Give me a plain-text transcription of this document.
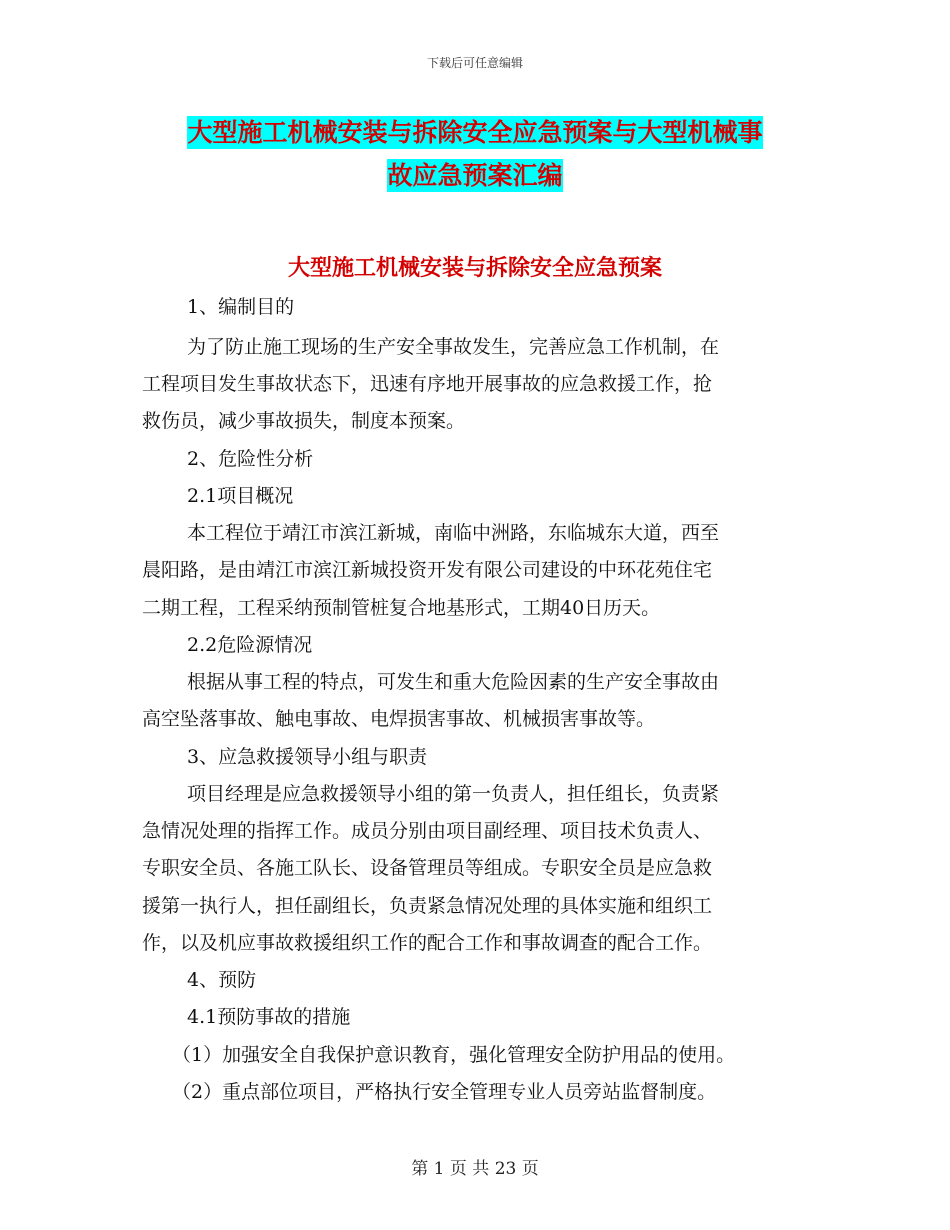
下载后可任意编辑
大型施工机械安装与拆除安全应急预案与大型机械事
故应急预案汇编
大型施工机械安装与拆除安全应急预案
1、编制目的
为了防止施工现场的生产安全事故发生，完善应急工作机制，在
工程项目发生事故状态下，迅速有序地开展事故的应急救援工作，抢
救伤员，减少事故损失，制度本预案。
2、危险性分析
2.1项目概况
本工程位于靖江市滨江新城，南临中洲路，东临城东大道，西至
晨阳路，是由靖江市滨江新城投资开发有限公司建设的中环花苑住宅
二期工程，工程采纳预制管桩复合地基形式，工期40日历天。
2.2危险源情况
根据从事工程的特点，可发生和重大危险因素的生产安全事故由
高空坠落事故、触电事故、电焊损害事故、机械损害事故等。
3、应急救援领导小组与职责
项目经理是应急救援领导小组的第一负责人，担任组长，负责紧
急情况处理的指挥工作。成员分别由项目副经理、项目技术负责人、
专职安全员、各施工队长、设备管理员等组成。专职安全员是应急救
援第一执行人，担任副组长，负责紧急情况处理的具体实施和组织工
作，以及机应事故救援组织工作的配合工作和事故调查的配合工作。
4、预防
4.1预防事故的措施
（1）加强安全自我保护意识教育，强化管理安全防护用品的使用。
（2）重点部位项目，严格执行安全管理专业人员旁站监督制度。
第 1 页 共 23 页
